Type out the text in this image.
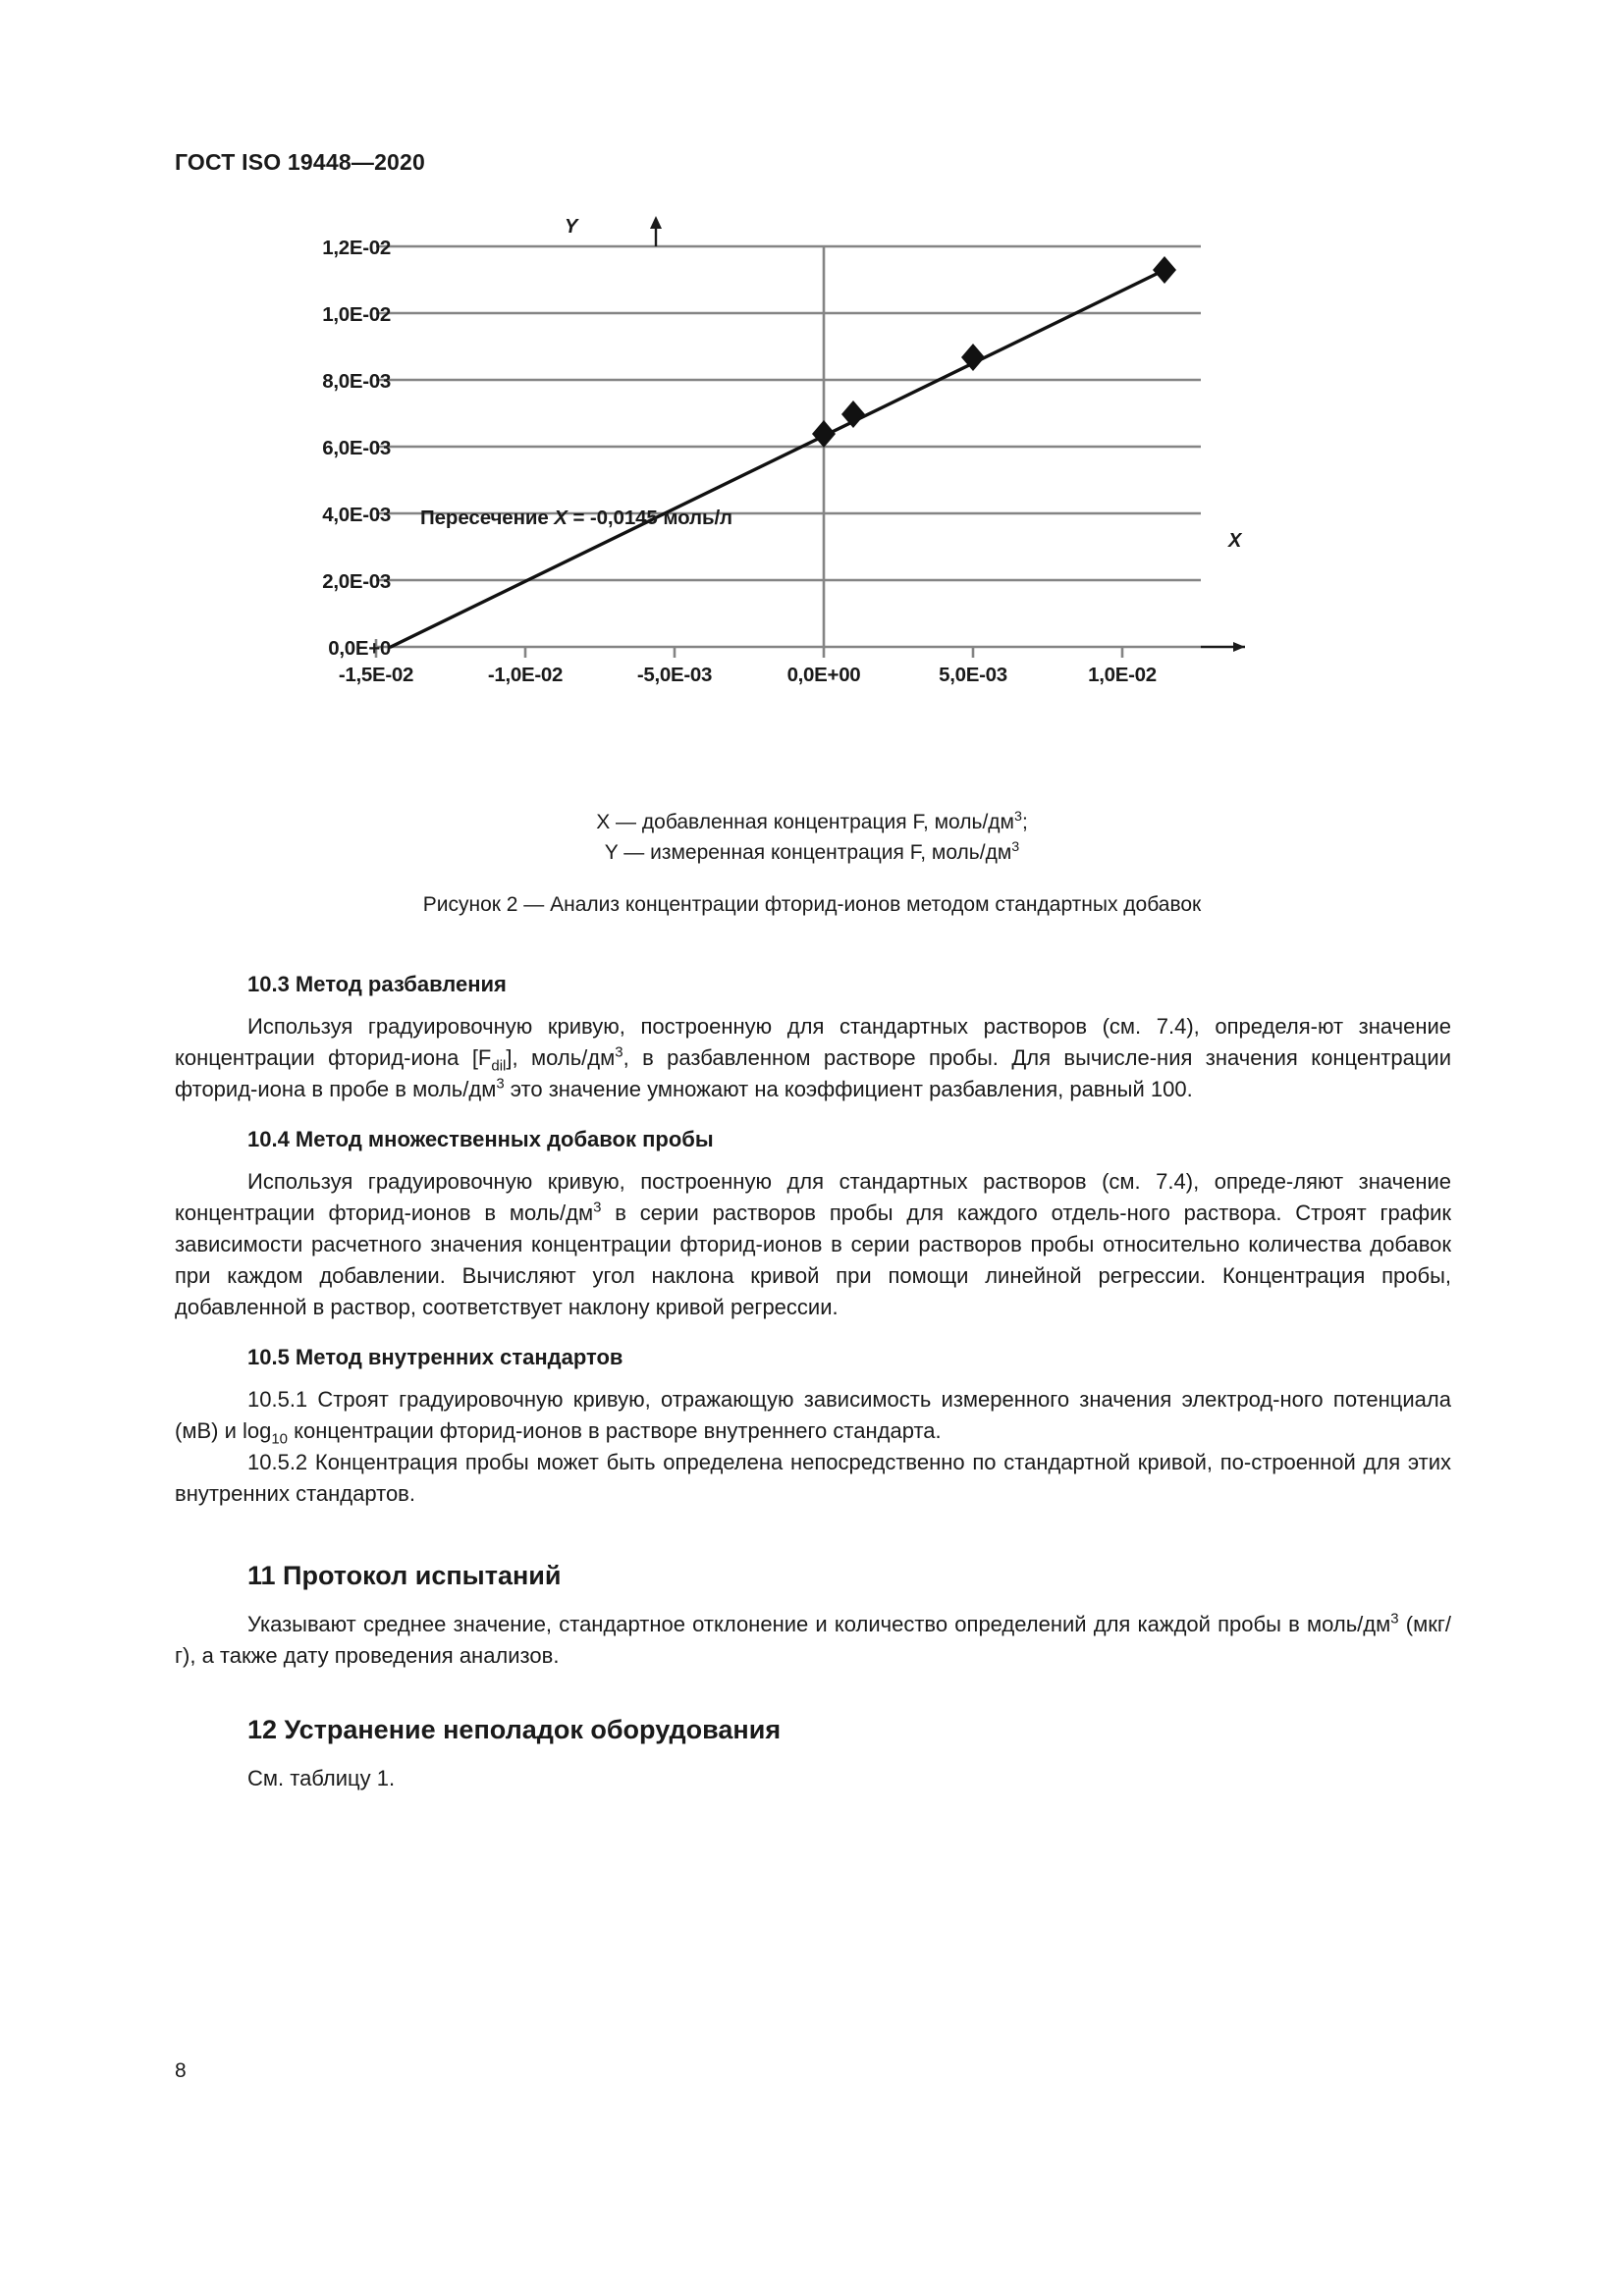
ГОСТ ISO 19448—2020
Y
X
1,2E-02
1,0E-02
8,0E-03
6,0E-03
4,0E-03
2,0E-03
0,0E+0
-1,5E-02	-1,0E-02	-5,0E-03	0,0E+00	5,0E-03	1,0E-02
Пересечение X = -0,0145 моль/л
X — добавленная концентрация F, моль/$дм^3$;
Y — измеренная концентрация F, моль/$дм^3$
Рисунок 2 — Анализ концентрации фторид-ионов методом стандартных добавок
10.3 Метод разбавления

Используя градуировочную кривую, построенную для стандартных растворов (см. 7.4), определя-ют значение концентрации фторид-иона $[F_{dil}]$, моль/$дм^3$, в разбавленном растворе пробы. Для вычисле-ния значения концентрации фторид-иона в пробе в моль/$дм^3$ это значение умножают на коэффициент разбавления, равный 100.

10.4 Метод множественных добавок пробы

Используя градуировочную кривую, построенную для стандартных растворов (см. 7.4), опреде-ляют значение концентрации фторид-ионов в моль/$дм^3$ в серии растворов пробы для каждого отдель-ного раствора. Строят график зависимости расчетного значения концентрации фторид-ионов в серии растворов пробы относительно количества добавок при каждом добавлении. Вычисляют угол наклона кривой при помощи линейной регрессии. Концентрация пробы, добавленной в раствор, соответствует наклону кривой регрессии.

10.5 Метод внутренних стандартов

10.5.1 Строят градуировочную кривую, отражающую зависимость измеренного значения электрод-ного потенциала (мВ) и $\log_{10}$ концентрации фторид-ионов в растворе внутреннего стандарта.

10.5.2 Концентрация пробы может быть определена непосредственно по стандартной кривой, по-строенной для этих внутренних стандартов.

11 Протокол испытаний

Указывают среднее значение, стандартное отклонение и количество определений для каждой пробы в моль/$дм^3$ (мкг/г), а также дату проведения анализов.

12 Устранение неполадок оборудования

См. таблицу 1.

8
